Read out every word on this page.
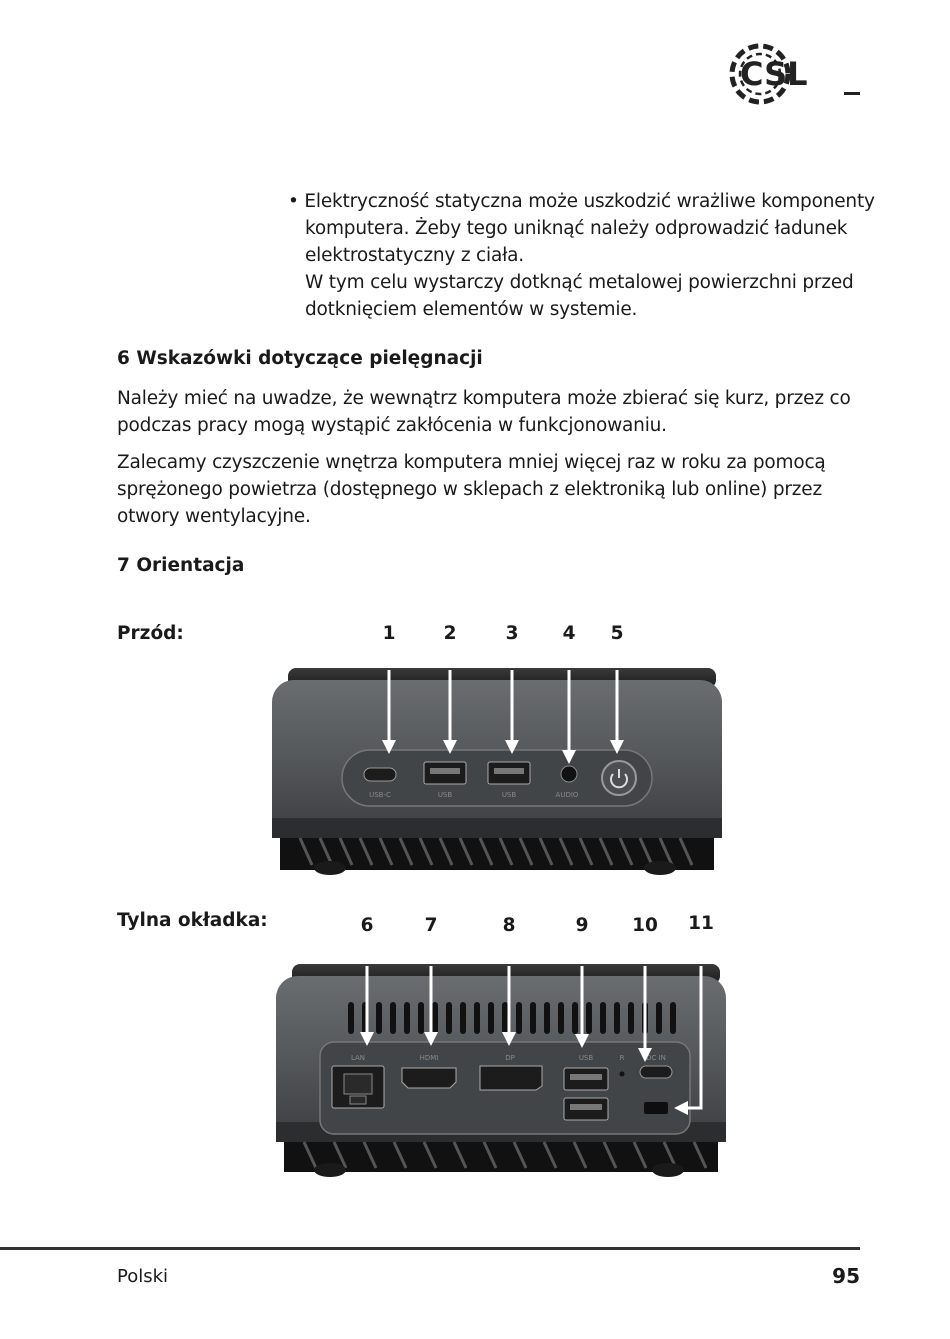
CSL

• Elektryczność statyczna może uszkodzić wrażliwe komponenty

komputera. Żeby tego uniknąć należy odprowadzić ładunek

elektrostatyczny z ciała.

W tym celu wystarczy dotknąć metalowej powierzchni przed

dotknięciem elementów w systemie.

6 Wskazówki dotyczące pielęgnacji
Należy mieć na uwadze, że wewnątrz komputera może zbierać się kurz, przez co
podczas pracy mogą wystąpić zakłócenia w funkcjonowaniu.
Zalecamy czyszczenie wnętrza komputera mniej więcej raz w roku za pomocą
sprężonego powietrza (dostępnego w sklepach z elektroniką lub online) przez
otwory wentylacyjne.
7 Orientacja
Przód:	1	2	3	4	5
USB-C	USB	USB	AUDIO
Tylna okładka:	6	7	8	9	10	11
LAN	HDMI	DP	USB	R	DC IN
Polski	95
